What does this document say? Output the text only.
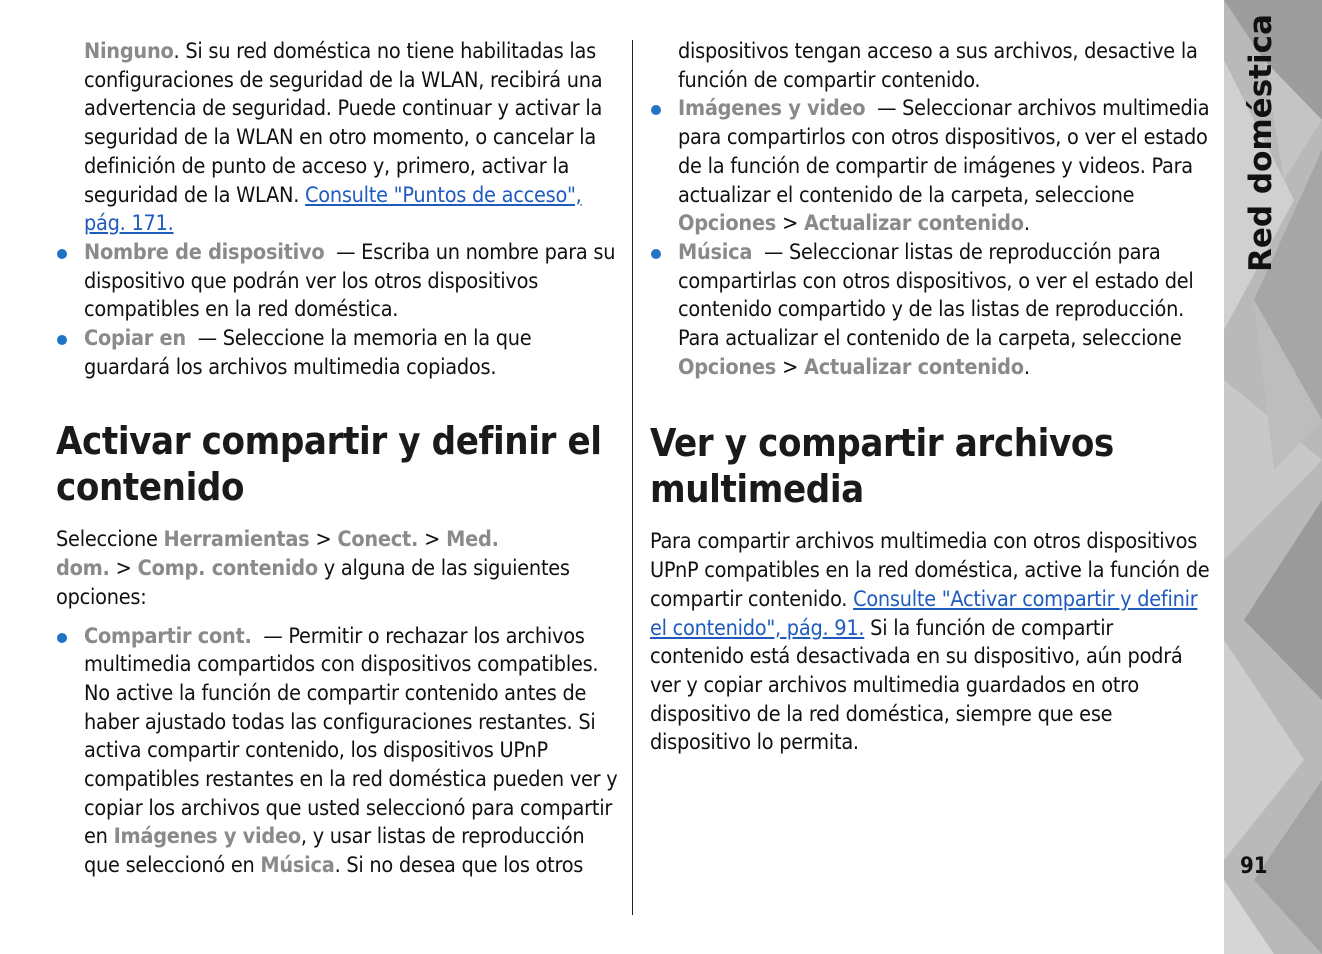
Ninguno. Si su red doméstica no tiene habilitadas las configuraciones de seguridad de la WLAN, recibirá una advertencia de seguridad. Puede continuar y activar la seguridad de la WLAN en otro momento, o cancelar la definición de punto de acceso y, primero, activar la seguridad de la WLAN. Consulte "Puntos de acceso", pág. 171.

Nombre de dispositivo — Escriba un nombre para su dispositivo que podrán ver los otros dispositivos compatibles en la red doméstica.
Copiar en — Seleccione la memoria en la que guardará los archivos multimedia copiados.
Activar compartir y definir el contenido

Seleccione Herramientas > Conect. > Med. dom. > Comp. contenido y alguna de las siguientes opciones:

Compartir cont. — Permitir o rechazar los archivos multimedia compartidos con dispositivos compatibles. No active la función de compartir contenido antes de haber ajustado todas las configuraciones restantes. Si activa compartir contenido, los dispositivos UPnP compatibles restantes en la red doméstica pueden ver y copiar los archivos que usted seleccionó para compartir en Imágenes y video, y usar listas de reproducción que seleccionó en Música. Si no desea que los otros

dispositivos tengan acceso a sus archivos, desactive la función de compartir contenido.

Imágenes y video — Seleccionar archivos multimedia para compartirlos con otros dispositivos, o ver el estado de la función de compartir de imágenes y videos. Para actualizar el contenido de la carpeta, seleccione Opciones > Actualizar contenido.
Música — Seleccionar listas de reproducción para compartirlas con otros dispositivos, o ver el estado del contenido compartido y de las listas de reproducción. Para actualizar el contenido de la carpeta, seleccione Opciones > Actualizar contenido.
Ver y compartir archivos multimedia

Para compartir archivos multimedia con otros dispositivos UPnP compatibles en la red doméstica, active la función de compartir contenido. Consulte "Activar compartir y definir el contenido", pág. 91. Si la función de compartir contenido está desactivada en su dispositivo, aún podrá ver y copiar archivos multimedia guardados en otro dispositivo de la red doméstica, siempre que ese dispositivo lo permita.

Red doméstica
91
